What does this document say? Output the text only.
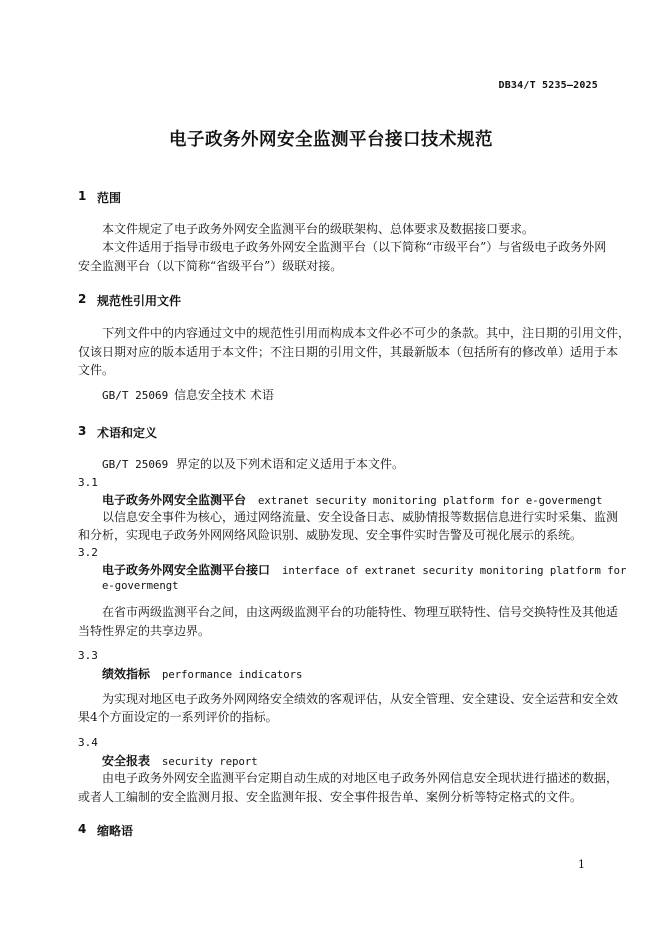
DB34/T 5235—2025

电子政务外网安全监测平台接口技术规范

1 范围

本文件规定了电子政务外网安全监测平台的级联架构、总体要求及数据接口要求。

本文件适用于指导市级电子政务外网安全监测平台（以下简称“市级平台”）与省级电子政务外网

安全监测平台（以下简称“省级平台”）级联对接。

2 规范性引用文件

下列文件中的内容通过文中的规范性引用而构成本文件必不可少的条款。其中，注日期的引用文件，

仅该日期对应的版本适用于本文件；不注日期的引用文件，其最新版本（包括所有的修改单）适用于本

文件。

GB/T 25069 信息安全技术 术语

3 术语和定义

GB/T 25069 界定的以及下列术语和定义适用于本文件。

3.1

电子政务外网安全监测平台 extranet security monitoring platform for e-govermengt

以信息安全事件为核心，通过网络流量、安全设备日志、威胁情报等数据信息进行实时采集、监测

和分析，实现电子政务外网网络风险识别、威胁发现、安全事件实时告警及可视化展示的系统。

3.2

电子政务外网安全监测平台接口 interface of extranet security monitoring platform for

e-govermengt

在省市两级监测平台之间，由这两级监测平台的功能特性、物理互联特性、信号交换特性及其他适

当特性界定的共享边界。

3.3

绩效指标 performance indicators

为实现对地区电子政务外网网络安全绩效的客观评估，从安全管理、安全建设、安全运营和安全效

果4个方面设定的一系列评价的指标。

3.4

安全报表 security report

由电子政务外网安全监测平台定期自动生成的对地区电子政务外网信息安全现状进行描述的数据，

或者人工编制的安全监测月报、安全监测年报、安全事件报告单、案例分析等特定格式的文件。

4 缩略语

1
